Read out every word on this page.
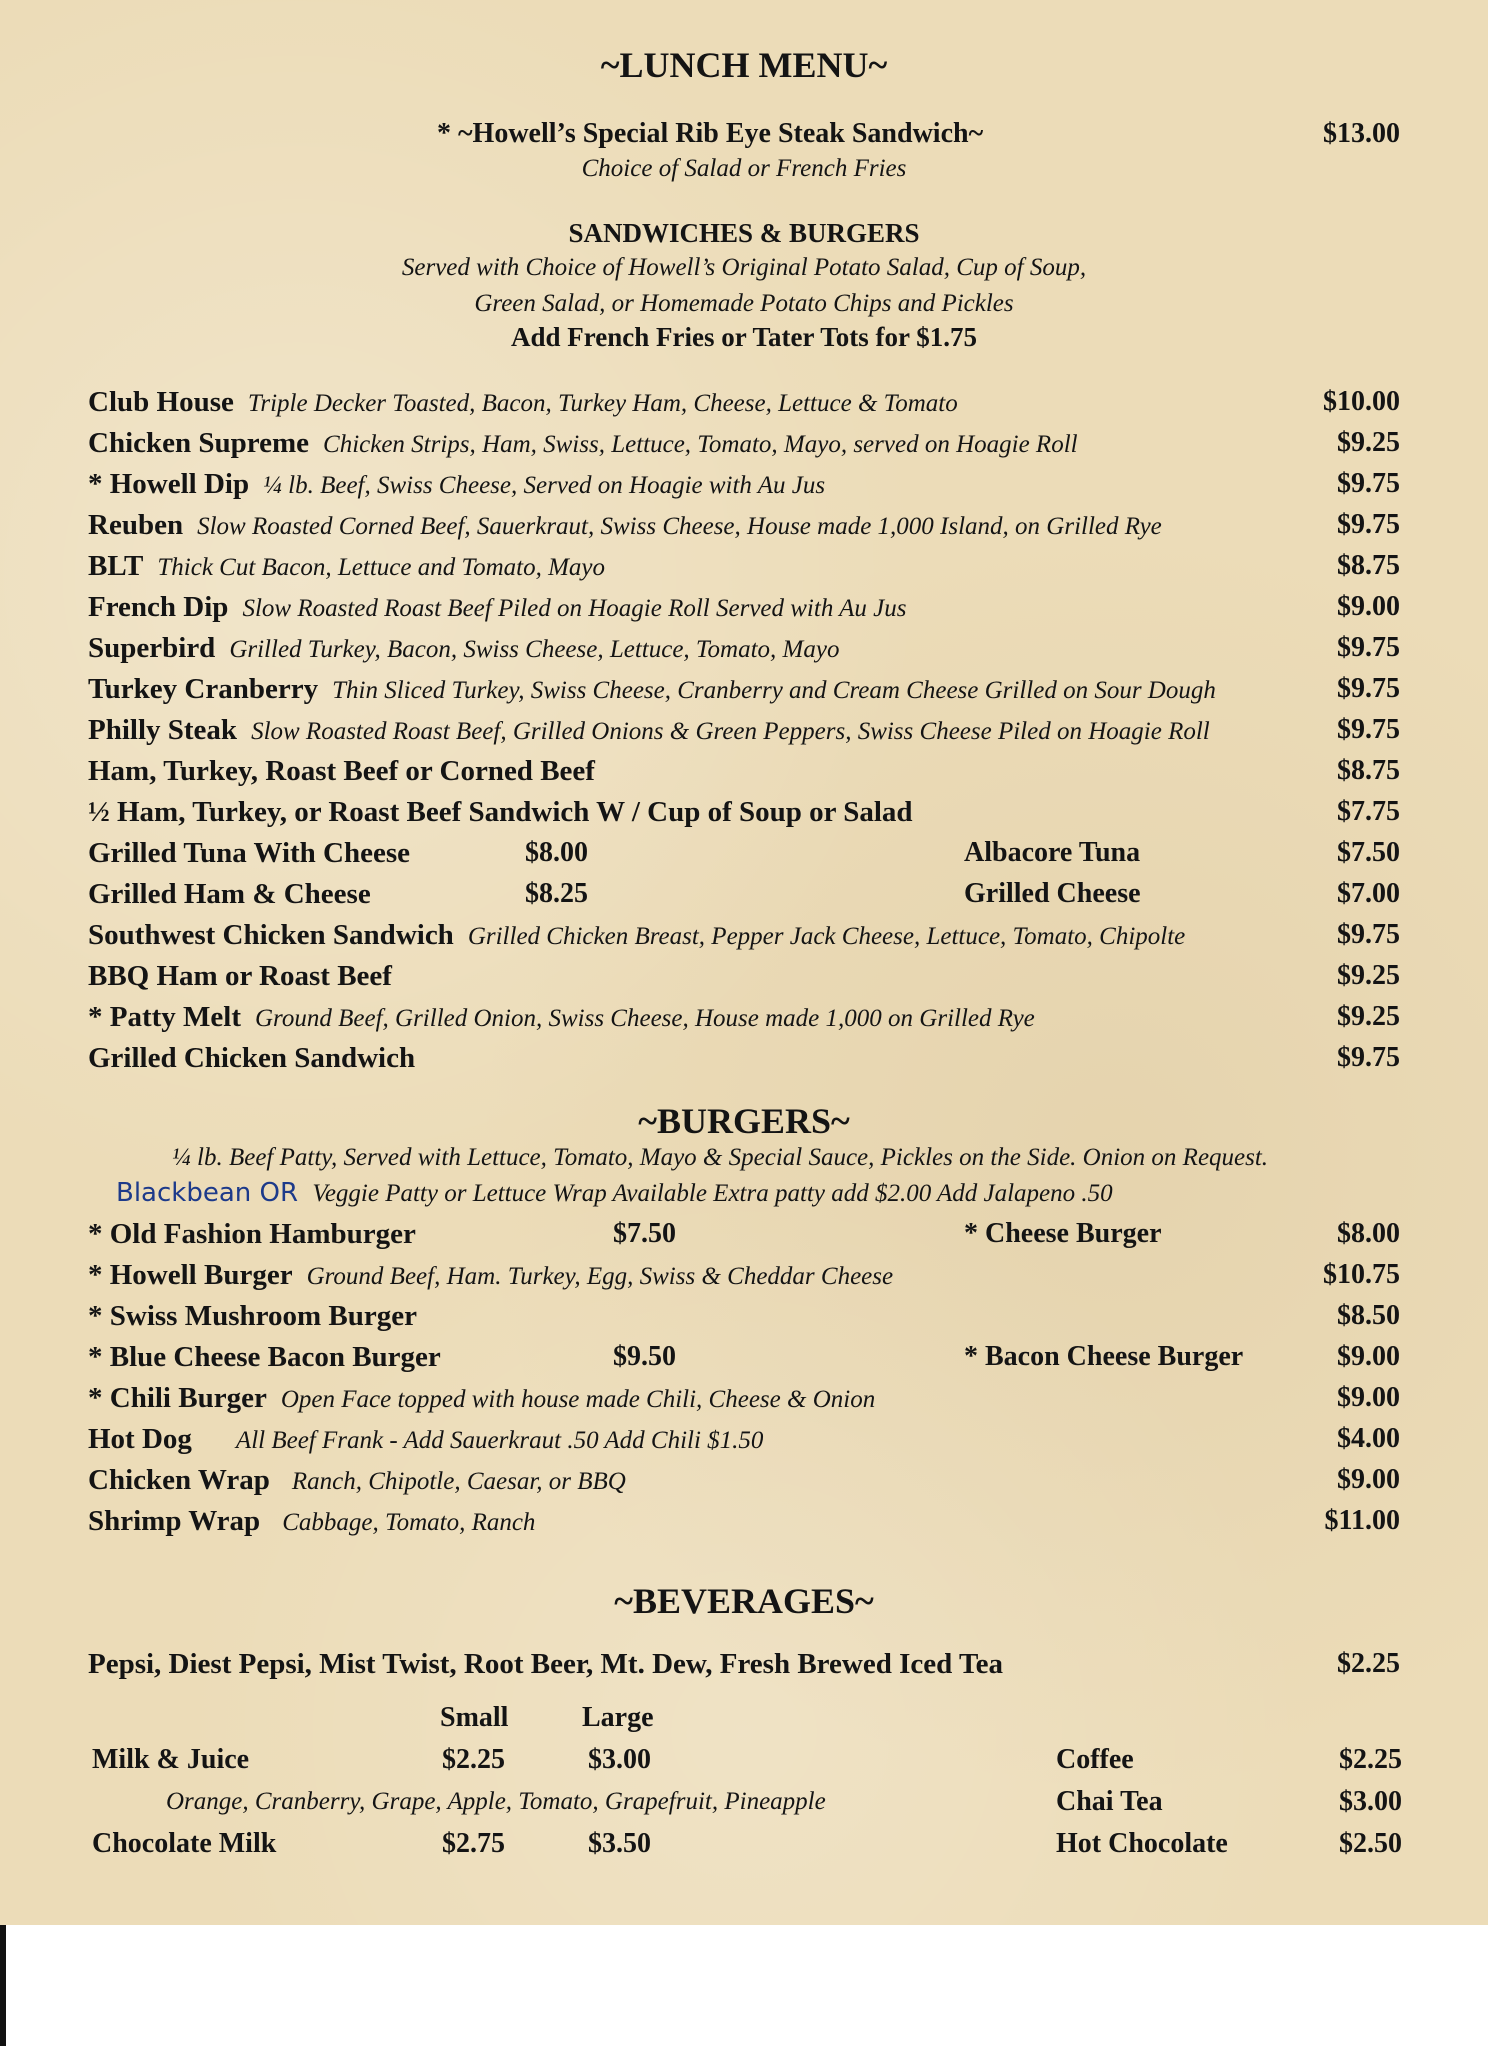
~LUNCH MENU~
* ~Howell’s Special Rib Eye Steak Sandwich~	$13.00
Choice of Salad or French Fries
SANDWICHES & BURGERS
Served with Choice of Howell’s Original Potato Salad, Cup of Soup,
Green Salad, or Homemade Potato Chips and Pickles
Add French Fries or Tater Tots for $1.75
Club House Triple Decker Toasted, Bacon, Turkey Ham, Cheese, Lettuce & Tomato	$10.00
Chicken Supreme Chicken Strips, Ham, Swiss, Lettuce, Tomato, Mayo, served on Hoagie Roll	$9.25
* Howell Dip ¼ lb. Beef, Swiss Cheese, Served on Hoagie with Au Jus	$9.75
Reuben Slow Roasted Corned Beef, Sauerkraut, Swiss Cheese, House made 1,000 Island, on Grilled Rye	$9.75
BLT Thick Cut Bacon, Lettuce and Tomato, Mayo	$8.75
French Dip Slow Roasted Roast Beef Piled on Hoagie Roll Served with Au Jus	$9.00
Superbird Grilled Turkey, Bacon, Swiss Cheese, Lettuce, Tomato, Mayo	$9.75
Turkey Cranberry Thin Sliced Turkey, Swiss Cheese, Cranberry and Cream Cheese Grilled on Sour Dough	$9.75
Philly Steak Slow Roasted Roast Beef, Grilled Onions & Green Peppers, Swiss Cheese Piled on Hoagie Roll	$9.75
Ham, Turkey, Roast Beef or Corned Beef	$8.75
½ Ham, Turkey, or Roast Beef Sandwich W / Cup of Soup or Salad	$7.75
Grilled Tuna With Cheese	$8.00	Albacore Tuna	$7.50
Grilled Ham & Cheese	$8.25	Grilled Cheese	$7.00
Southwest Chicken Sandwich Grilled Chicken Breast, Pepper Jack Cheese, Lettuce, Tomato, Chipolte	$9.75
BBQ Ham or Roast Beef	$9.25
* Patty Melt Ground Beef, Grilled Onion, Swiss Cheese, House made 1,000 on Grilled Rye	$9.25
Grilled Chicken Sandwich	$9.75
~BURGERS~
¼ lb. Beef Patty, Served with Lettuce, Tomato, Mayo & Special Sauce, Pickles on the Side. Onion on Request.
Blackbean OR Veggie Patty or Lettuce Wrap Available Extra patty add $2.00 Add Jalapeno .50
* Old Fashion Hamburger	$7.50	* Cheese Burger	$8.00
* Howell Burger Ground Beef, Ham. Turkey, Egg, Swiss & Cheddar Cheese	$10.75
* Swiss Mushroom Burger	$8.50
* Blue Cheese Bacon Burger	$9.50	* Bacon Cheese Burger	$9.00
* Chili Burger Open Face topped with house made Chili, Cheese & Onion	$9.00
Hot Dog All Beef Frank - Add Sauerkraut .50 Add Chili $1.50	$4.00
Chicken Wrap Ranch, Chipotle, Caesar, or BBQ	$9.00
Shrimp Wrap Cabbage, Tomato, Ranch	$11.00
~BEVERAGES~
Pepsi, Diest Pepsi, Mist Twist, Root Beer, Mt. Dew, Fresh Brewed Iced Tea	$2.25
Small	Large
Milk & Juice	$2.25	$3.00	Coffee	$2.25
Orange, Cranberry, Grape, Apple, Tomato, Grapefruit, Pineapple	Chai Tea	$3.00
Chocolate Milk	$2.75	$3.50	Hot Chocolate	$2.50
